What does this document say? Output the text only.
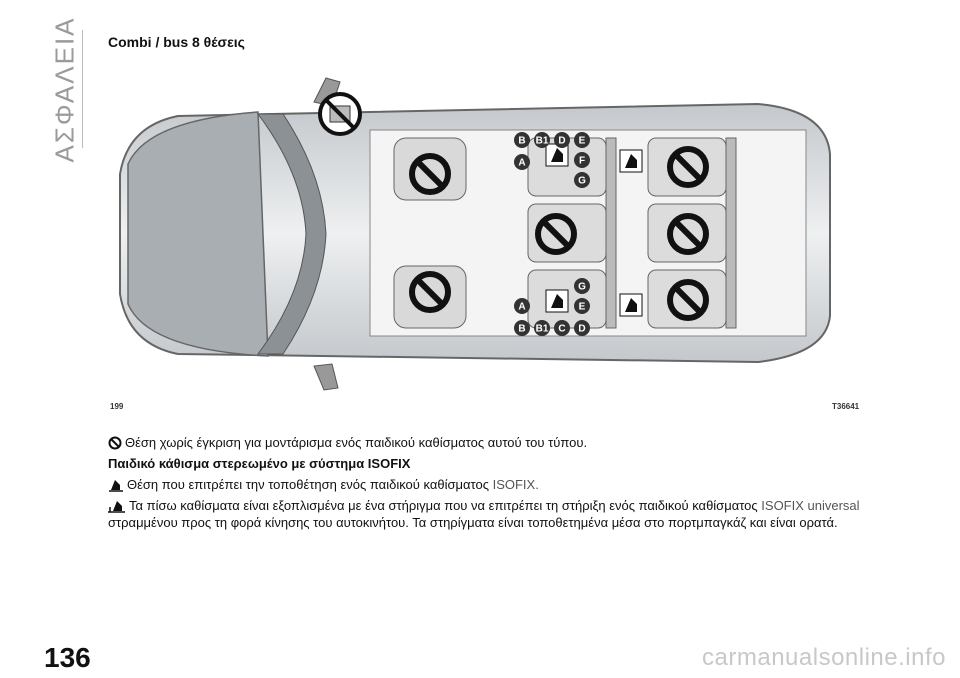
ΑΣΦΑΛΕΙΑ Combi / bus 8 θέσεις
B B1 D E
A	F
G
G
E
A
B B1 C D
199	T36641
Θέση χωρίς έγκριση για μοντάρισμα ενός παιδικού καθίσματος αυτού του τύπου.
Παιδικό κάθισμα στερεωμένο με σύστημα ISOFIX
Θέση που επιτρέπει την τοποθέτηση ενός παιδικού καθίσματος ISOFIX.
Τα πίσω καθίσματα είναι εξοπλισμένα με ένα στήριγμα που να επιτρέπει τη στήριξη ενός παιδικού καθίσματος ISOFIX universal στραμμένου προς τη φορά κίνησης του αυτοκινήτου. Τα στηρίγματα είναι τοποθετημένα μέσα στο πορτμπαγκάζ και είναι ορατά.
136	carmanualsonline.info
